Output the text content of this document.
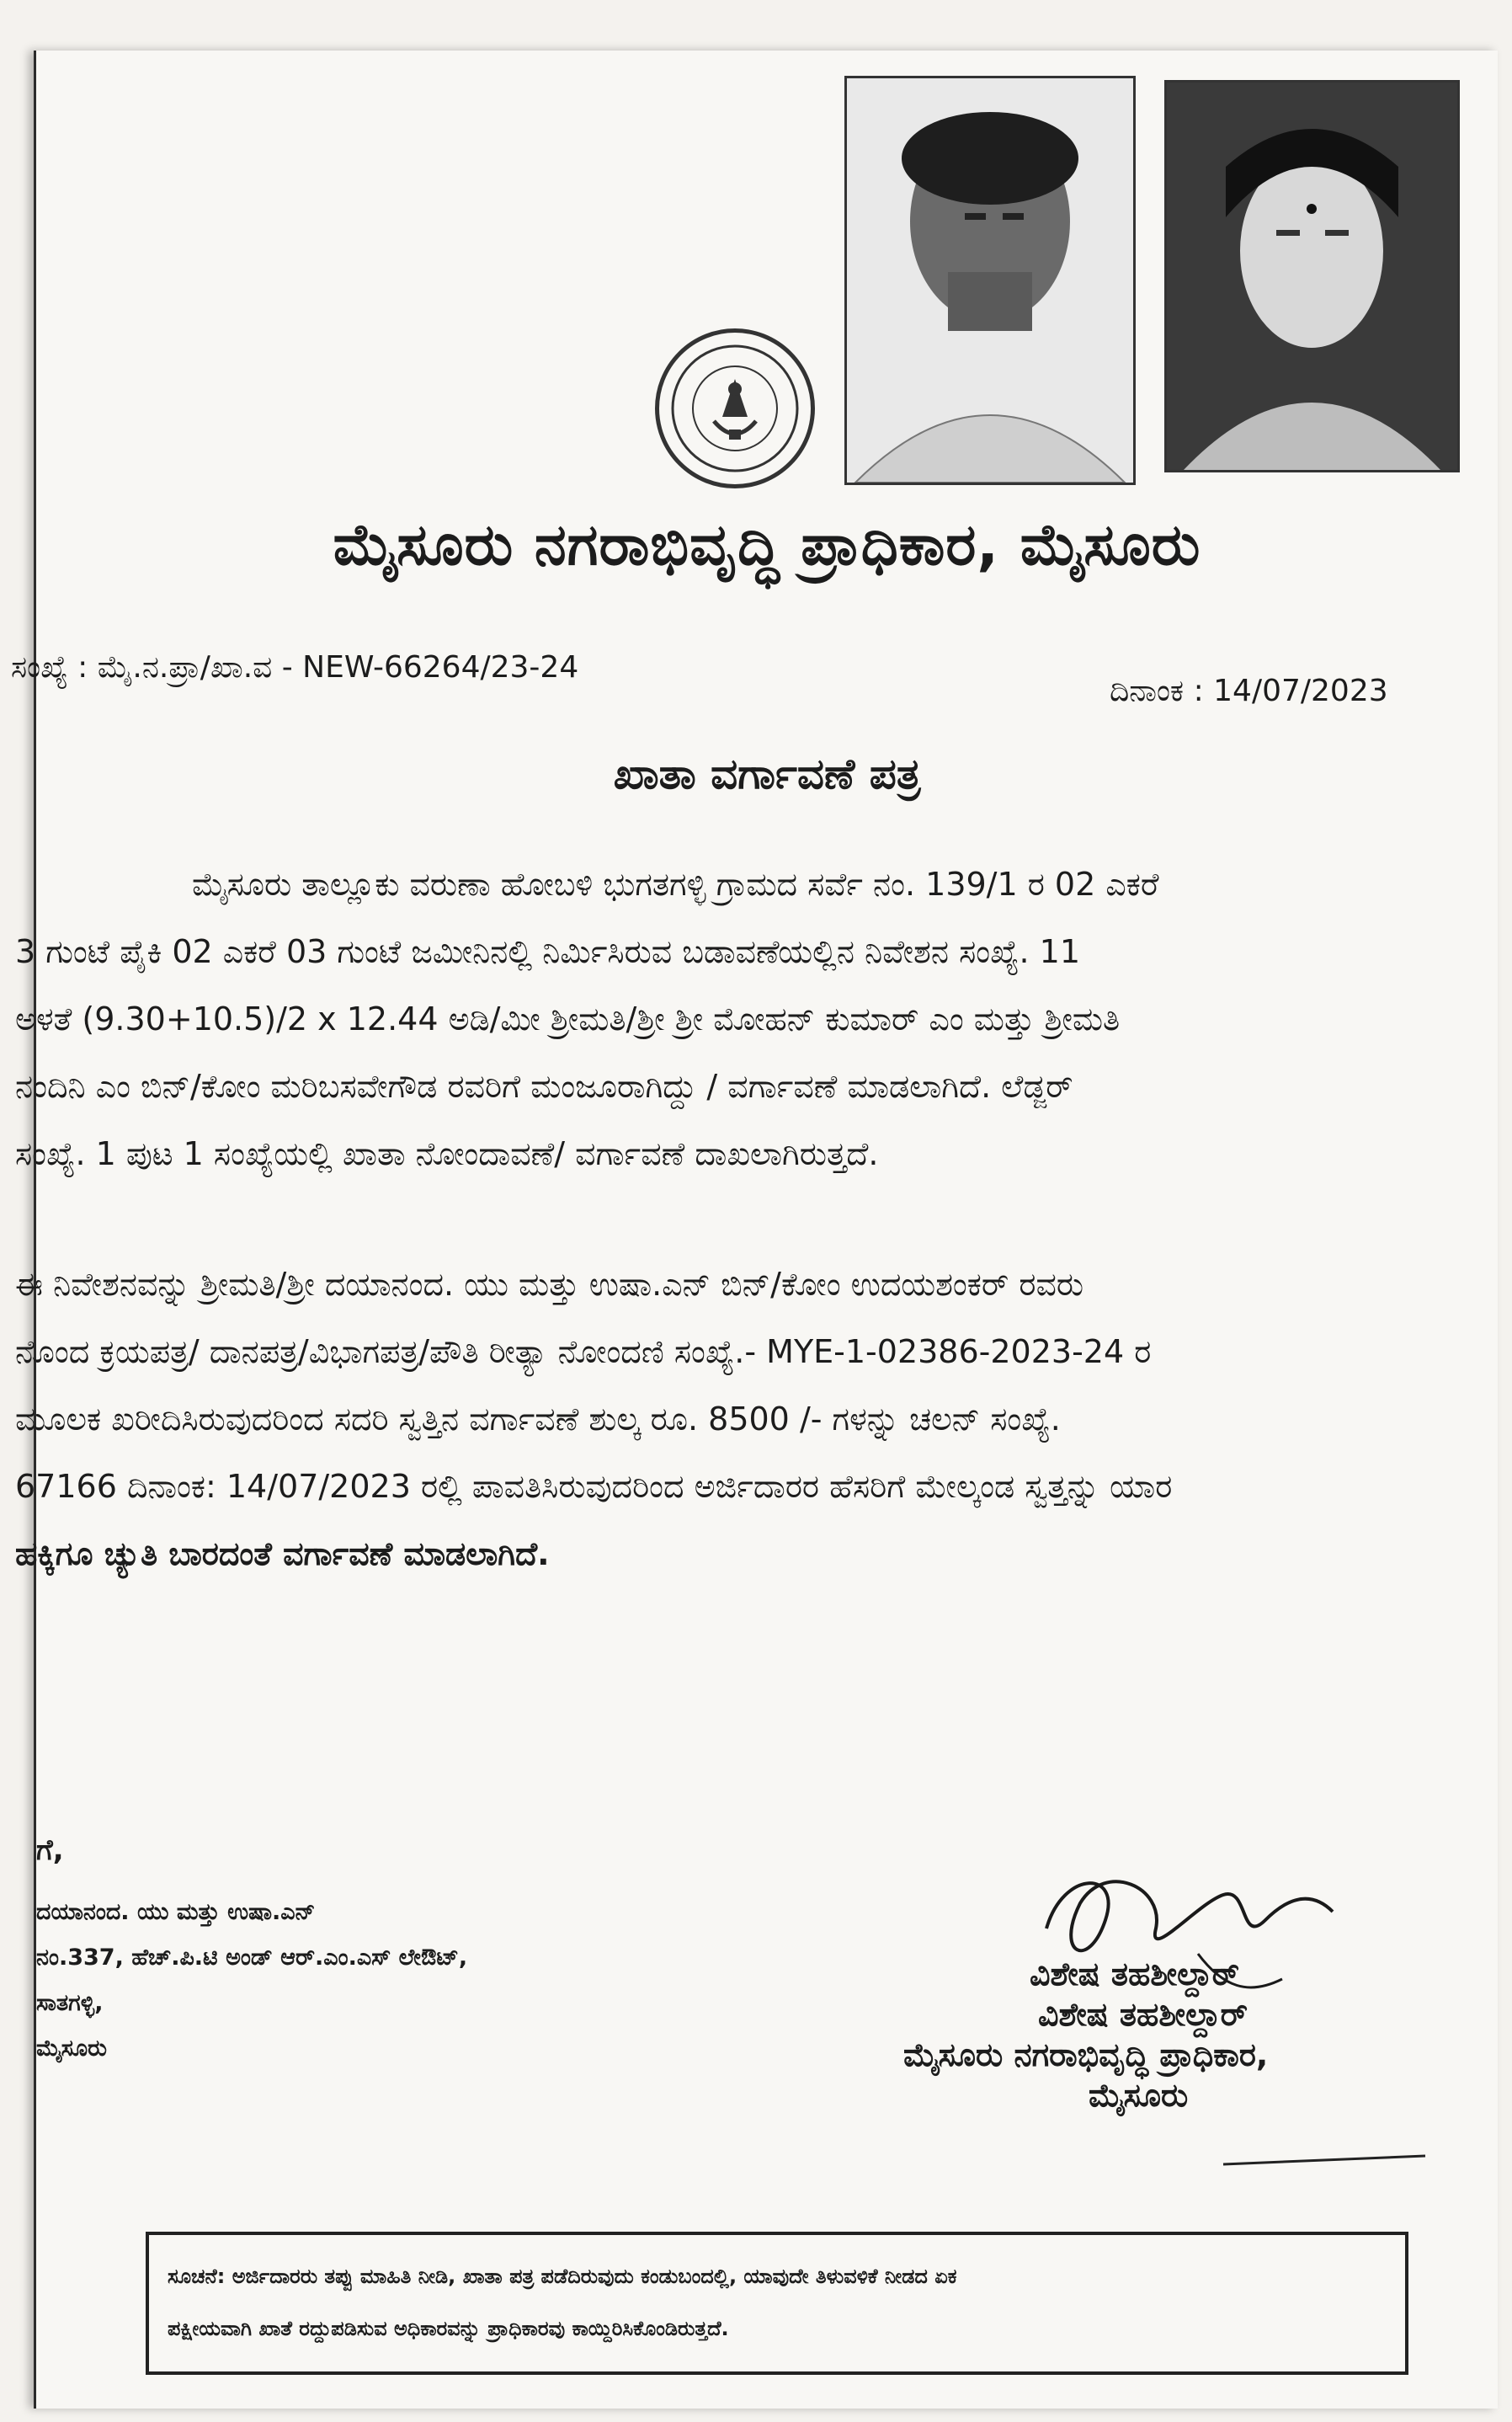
ಮೈಸೂರು ನಗರಾಭಿವೃದ್ಧಿ ಪ್ರಾಧಿಕಾರ, ಮೈಸೂರು
ಸಂಖ್ಯೆ : ಮೈ.ನ.ಪ್ರಾ/ಖಾ.ವ - NEW-66264/23-24
ದಿನಾಂಕ : 14/07/2023
ಖಾತಾ ವರ್ಗಾವಣೆ ಪತ್ರ
ಮೈಸೂರು ತಾಲ್ಲೂಕು ವರುಣಾ ಹೋಬಳಿ ಭುಗತಗಳ್ಳಿ ಗ್ರಾಮದ ಸರ್ವೆ ನಂ. 139/1 ರ 02 ಎಕರೆ
3 ಗುಂಟೆ ಪೈಕಿ 02 ಎಕರೆ 03 ಗುಂಟೆ ಜಮೀನಿನಲ್ಲಿ ನಿರ್ಮಿಸಿರುವ ಬಡಾವಣೆಯಲ್ಲಿನ ನಿವೇಶನ ಸಂಖ್ಯೆ. 11
ಅಳತೆ (9.30+10.5)/2 x 12.44 ಅಡಿ/ಮೀ ಶ್ರೀಮತಿ/ಶ್ರೀ ಶ್ರೀ ಮೋಹನ್ ಕುಮಾರ್ ಎಂ ಮತ್ತು ಶ್ರೀಮತಿ
ನಂದಿನಿ ಎಂ ಬಿನ್/ಕೋಂ ಮರಿಬಸವೇಗೌಡ ರವರಿಗೆ ಮಂಜೂರಾಗಿದ್ದು / ವರ್ಗಾವಣೆ ಮಾಡಲಾಗಿದೆ. ಲೆಡ್ಜರ್
ಸಂಖ್ಯೆ. 1 ಪುಟ 1 ಸಂಖ್ಯೆಯಲ್ಲಿ ಖಾತಾ ನೋಂದಾವಣೆ/ ವರ್ಗಾವಣೆ ದಾಖಲಾಗಿರುತ್ತದೆ.
ಈ ನಿವೇಶನವನ್ನು ಶ್ರೀಮತಿ/ಶ್ರೀ ದಯಾನಂದ. ಯು ಮತ್ತು ಉಷಾ.ಎನ್ ಬಿನ್/ಕೋಂ ಉದಯಶಂಕರ್ ರವರು
ನೊಂದ ಕ್ರಯಪತ್ರ/ ದಾನಪತ್ರ/ವಿಭಾಗಪತ್ರ/ಪೌತಿ ರೀತ್ಯಾ ನೋಂದಣಿ ಸಂಖ್ಯೆ.- MYE-1-02386-2023-24 ರ
ಮೂಲಕ ಖರೀದಿಸಿರುವುದರಿಂದ ಸದರಿ ಸ್ವತ್ತಿನ ವರ್ಗಾವಣೆ ಶುಲ್ಕ ರೂ. 8500 /- ಗಳನ್ನು ಚಲನ್ ಸಂಖ್ಯೆ.
67166 ದಿನಾಂಕ: 14/07/2023 ರಲ್ಲಿ ಪಾವತಿಸಿರುವುದರಿಂದ ಅರ್ಜಿದಾರರ ಹೆಸರಿಗೆ ಮೇಲ್ಕಂಡ ಸ್ವತ್ತನ್ನು ಯಾರ
ಹಕ್ಕಿಗೂ ಚ್ಯುತಿ ಬಾರದಂತೆ ವರ್ಗಾವಣೆ ಮಾಡಲಾಗಿದೆ.
ಗೆ,
ದಯಾನಂದ. ಯು ಮತ್ತು ಉಷಾ.ಎನ್
ನಂ.337, ಹೆಚ್.ಪಿ.ಟಿ ಅಂಡ್ ಆರ್.ಎಂ.ಎಸ್ ಲೇಔಟ್,
ಸಾತಗಳ್ಳಿ,
ಮೈಸೂರು
ವಿಶೇಷ ತಹಶೀಲ್ದಾರ್
ವಿಶೇಷ ತಹಶೀಲ್ದಾರ್
ಮೈಸೂರು ನಗರಾಭಿವೃದ್ಧಿ ಪ್ರಾಧಿಕಾರ,
ಮೈಸೂರು
ಸೂಚನೆ: ಅರ್ಜಿದಾರರು ತಪ್ಪು ಮಾಹಿತಿ ನೀಡಿ, ಖಾತಾ ಪತ್ರ ಪಡೆದಿರುವುದು ಕಂಡುಬಂದಲ್ಲಿ, ಯಾವುದೇ ತಿಳುವಳಿಕೆ ನೀಡದ ಏಕ
ಪಕ್ಷೀಯವಾಗಿ ಖಾತೆ ರದ್ದುಪಡಿಸುವ ಅಧಿಕಾರವನ್ನು ಪ್ರಾಧಿಕಾರವು ಕಾಯ್ದಿರಿಸಿಕೊಂಡಿರುತ್ತದೆ.
